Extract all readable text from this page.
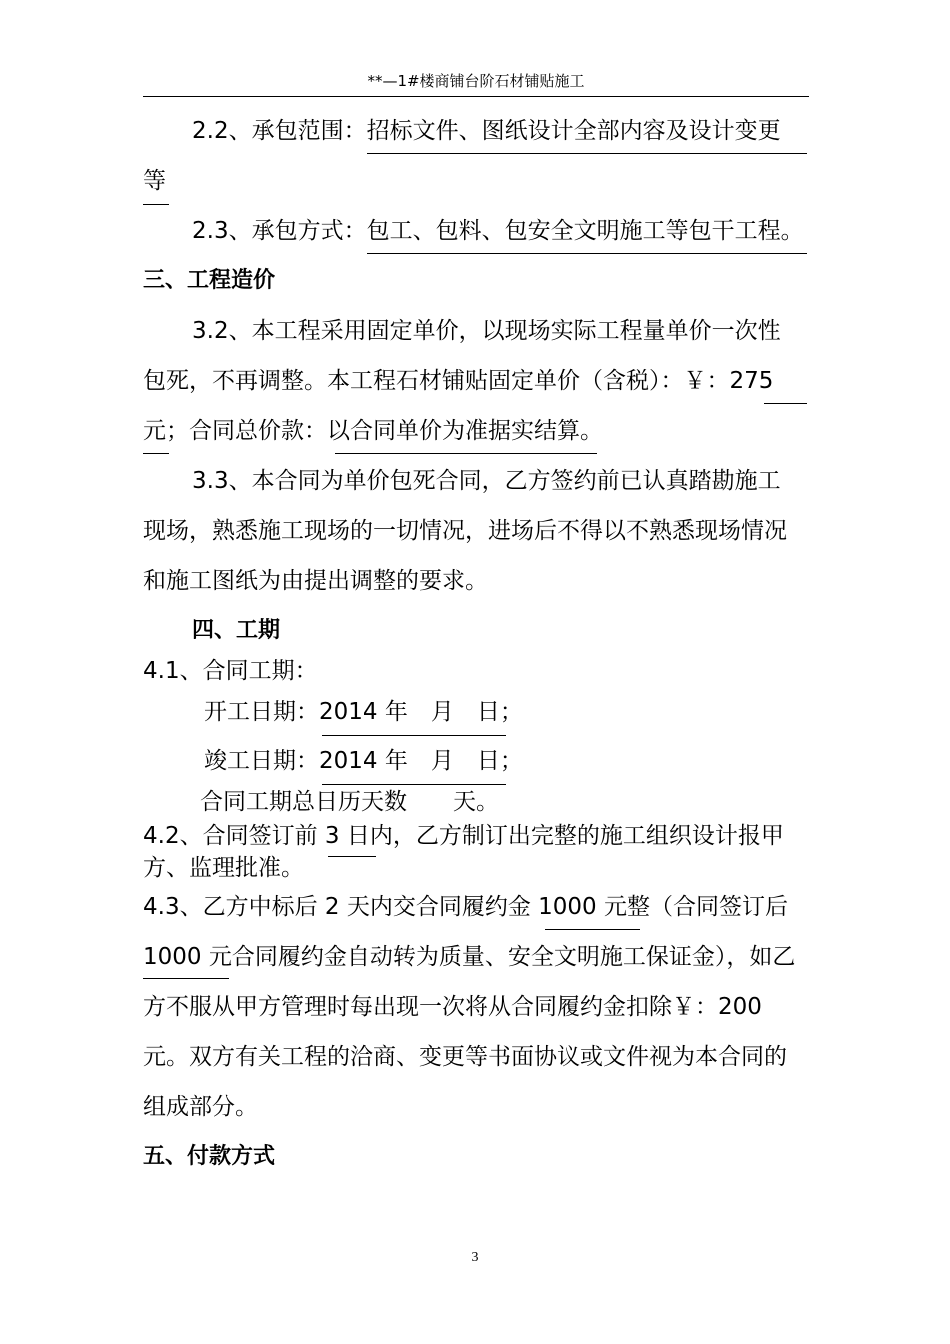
**—1#楼商铺台阶石材铺贴施工
2.2、承包范围：招标文件、图纸设计全部内容及设计变更
等
2.3、承包方式：包工、包料、包安全文明施工等包干工程。
三、工程造价
3.2、本工程采用固定单价，以现场实际工程量单价一次性
包死，不再调整。本工程石材铺贴固定单价（含税）：￥：275
元；合同总价款：以合同单价为准据实结算。
3.3、本合同为单价包死合同，乙方签约前已认真踏勘施工
现场，熟悉施工现场的一切情况，进场后不得以不熟悉现场情况
和施工图纸为由提出调整的要求。
四、工期
4.1、合同工期：
开工日期：2014 年　月　日；
竣工日期：2014 年　月　日；
合同工期总日历天数　　天。
4.2、合同签订前 3 日内，乙方制订出完整的施工组织设计报甲
方、监理批准。
4.3、乙方中标后 2 天内交合同履约金 1000 元整（合同签订后
1000 元合同履约金自动转为质量、安全文明施工保证金），如乙
方不服从甲方管理时每出现一次将从合同履约金扣除￥：200
元。双方有关工程的洽商、变更等书面协议或文件视为本合同的
组成部分。
五、付款方式
3
